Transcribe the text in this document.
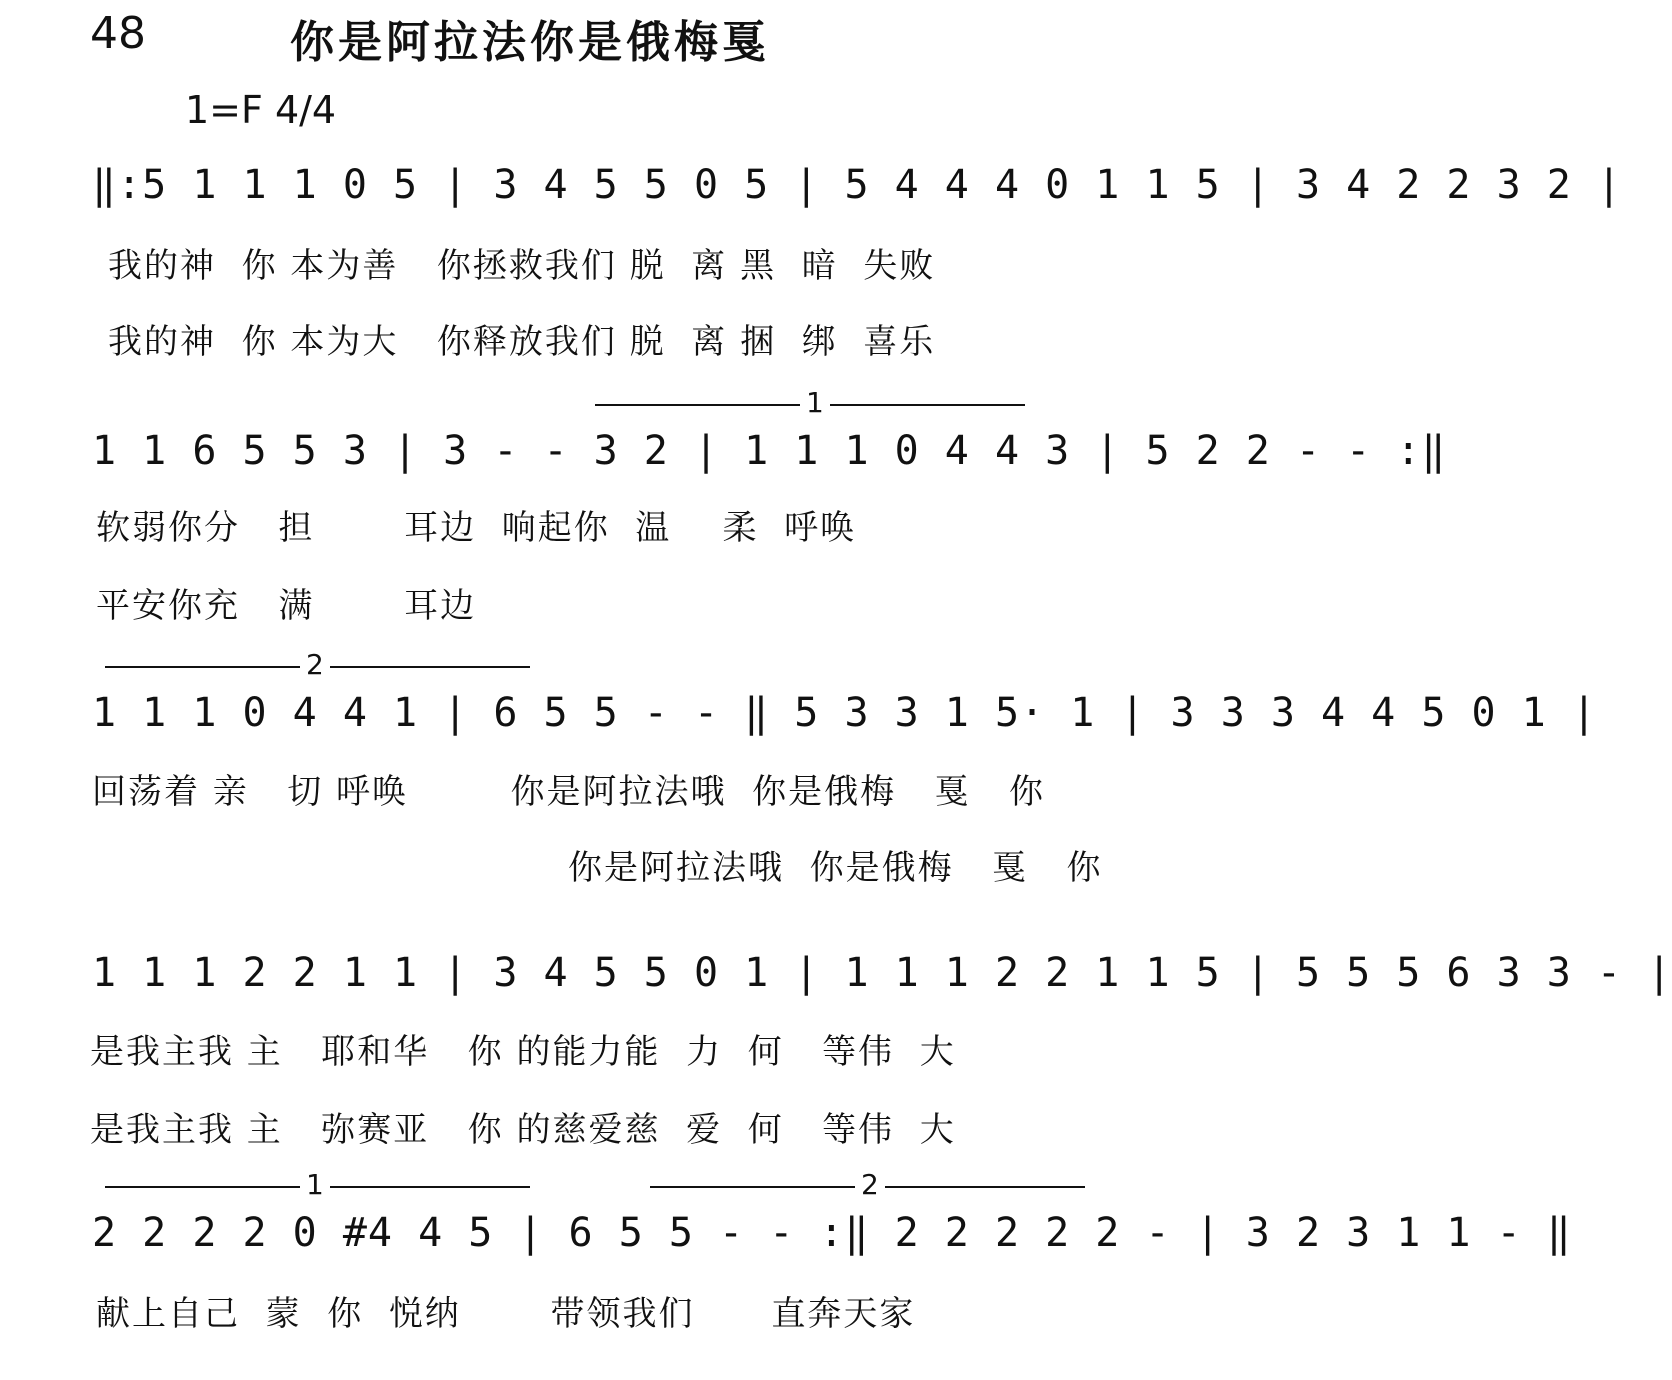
48	你是阿拉法你是俄梅戛
1=F 4/4
‖:5 1 1 1 0 5 | 3 4 5 5 0 5 | 5 4 4 4 0 1 1 5 | 3 4 2 2 3 2 |
我的神  你 本为善   你拯救我们 脱  离 黑  暗  失败
我的神  你 本为大   你释放我们 脱  离 捆  绑  喜乐
1
1 1 6 5 5 3 | 3 - - 3 2 | 1 1 1 0 4 4 3 | 5 2 2 - - :‖
软弱你分   担       耳边  响起你  温    柔  呼唤
平安你充   满       耳边
2
1 1 1 0 4 4 1 | 6 5 5 - - ‖ 5 3 3 1 5· 1 | 3 3 3 4 4 5 0 1 |
回荡着 亲   切 呼唤        你是阿拉法哦  你是俄梅   戛   你
你是阿拉法哦  你是俄梅   戛   你
1 1 1 2 2 1 1 | 3 4 5 5 0 1 | 1 1 1 2 2 1 1 5 | 5 5 5 6 3 3 - |
是我主我 主   耶和华   你 的能力能  力  何   等伟  大
是我主我 主   弥赛亚   你 的慈爱慈  爱  何   等伟  大
1	2
2 2 2 2 0 #4 4 5 | 6 5 5 - - :‖ 2 2 2 2 2 - | 3 2 3 1 1 - ‖
献上自己  蒙  你  悦纳       带领我们      直奔天家
